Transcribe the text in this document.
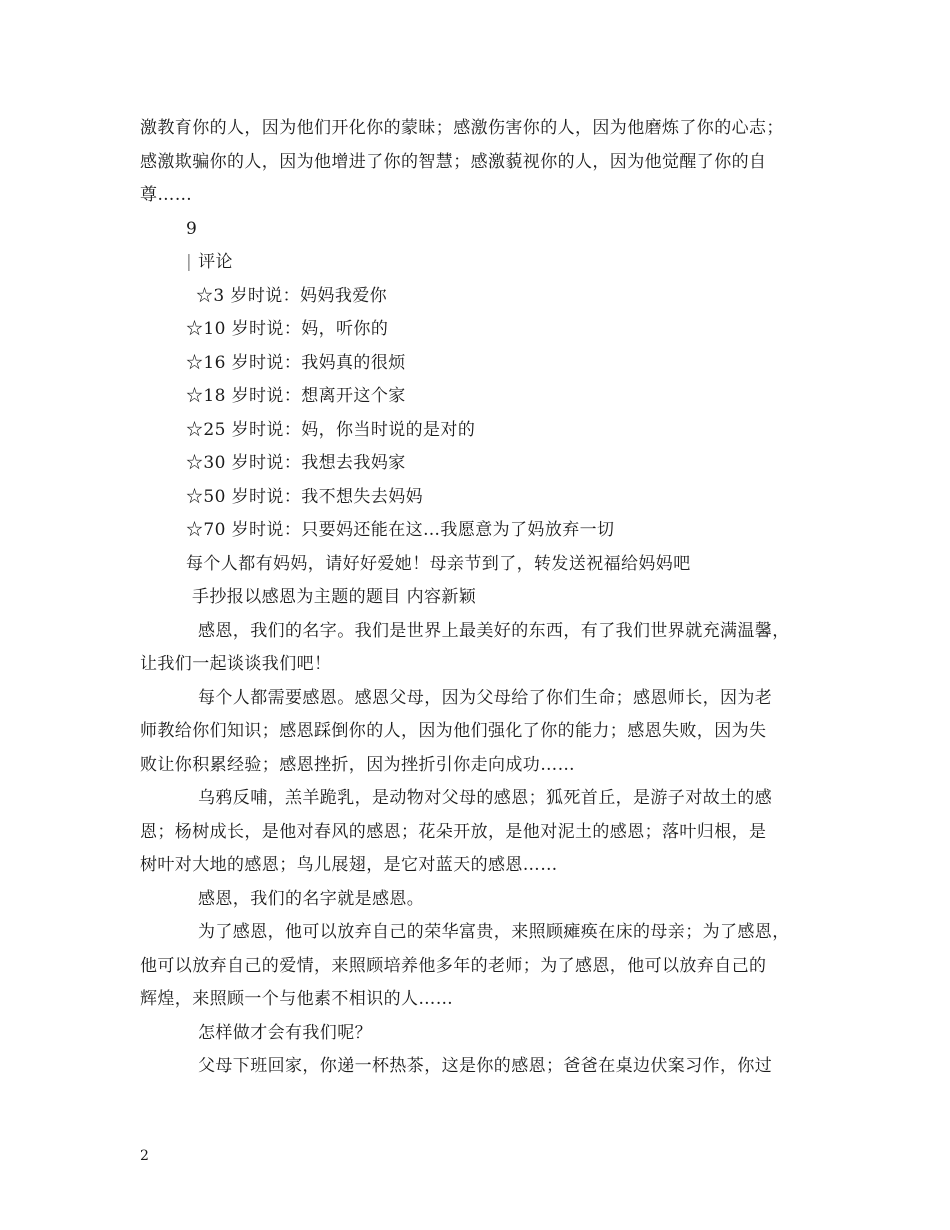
激教育你的人，因为他们开化你的蒙昧；感激伤害你的人，因为他磨炼了你的心志；
感激欺骗你的人，因为他增进了你的智慧；感激藐视你的人，因为他觉醒了你的自
尊……
9
| 评论
☆3 岁时说：妈妈我爱你
☆10 岁时说：妈，听你的
☆16 岁时说：我妈真的很烦
☆18 岁时说：想离开这个家
☆25 岁时说：妈，你当时说的是对的
☆30 岁时说：我想去我妈家
☆50 岁时说：我不想失去妈妈
☆70 岁时说：只要妈还能在这…我愿意为了妈放弃一切
每个人都有妈妈，请好好爱她！母亲节到了，转发送祝福给妈妈吧
手抄报以感恩为主题的题目 内容新颖
感恩，我们的名字。我们是世界上最美好的东西，有了我们世界就充满温馨，
让我们一起谈谈我们吧！
每个人都需要感恩。感恩父母，因为父母给了你们生命；感恩师长，因为老
师教给你们知识；感恩踩倒你的人，因为他们强化了你的能力；感恩失败，因为失
败让你积累经验；感恩挫折，因为挫折引你走向成功……
乌鸦反哺，羔羊跪乳，是动物对父母的感恩；狐死首丘，是游子对故土的感
恩；杨树成长，是他对春风的感恩；花朵开放，是他对泥土的感恩；落叶归根，是
树叶对大地的感恩；鸟儿展翅，是它对蓝天的感恩……
感恩，我们的名字就是感恩。
为了感恩，他可以放弃自己的荣华富贵，来照顾瘫痪在床的母亲；为了感恩，
他可以放弃自己的爱情，来照顾培养他多年的老师；为了感恩，他可以放弃自己的
辉煌，来照顾一个与他素不相识的人……
怎样做才会有我们呢？
父母下班回家，你递一杯热茶，这是你的感恩；爸爸在桌边伏案习作，你过
2
